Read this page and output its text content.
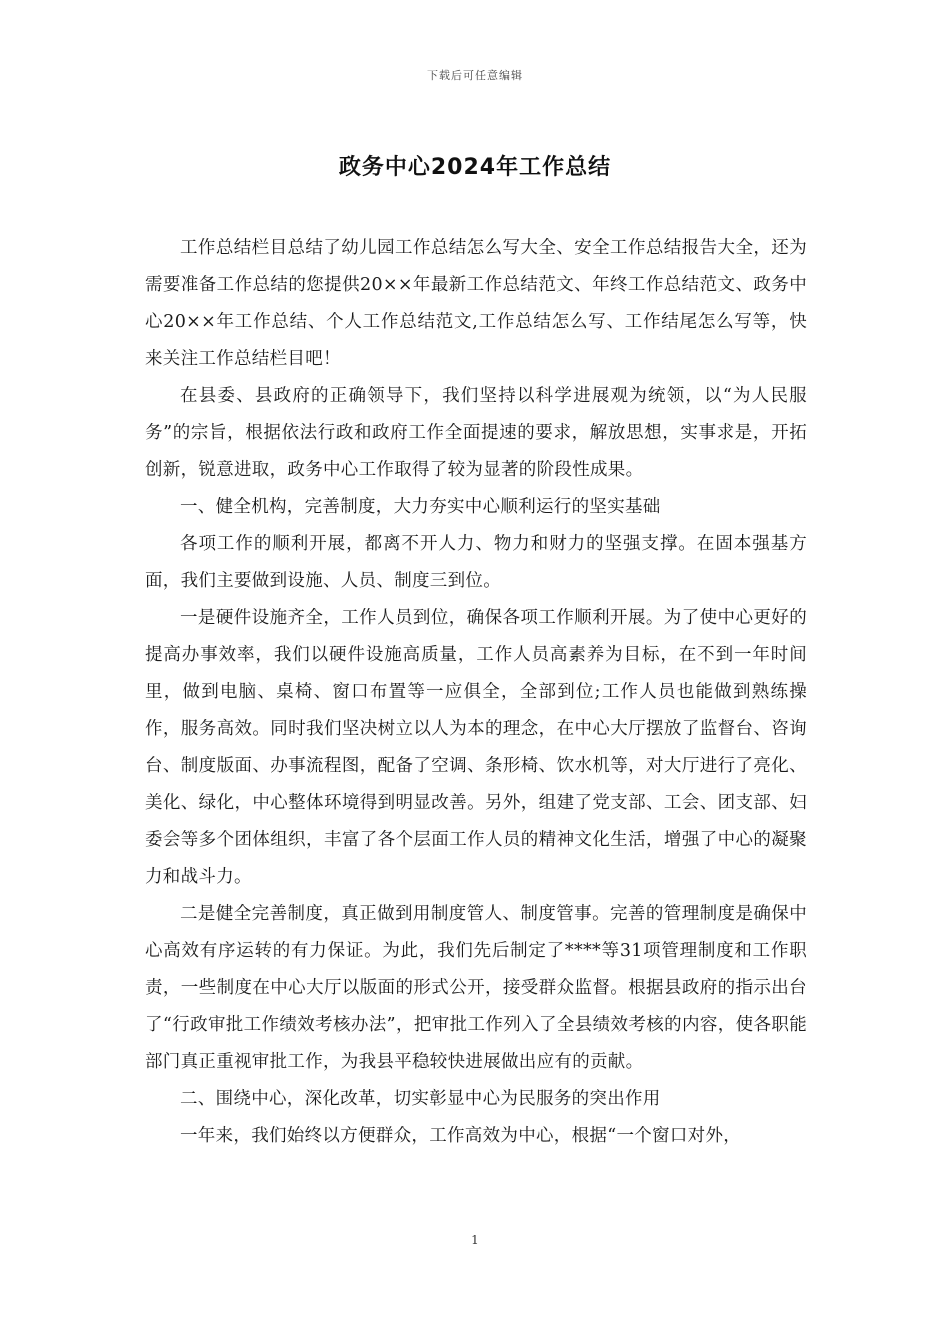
下载后可任意编辑
政务中心2024年工作总结

工作总结栏目总结了幼儿园工作总结怎么写大全、安全工作总结报告大全，还为需要准备工作总结的您提供20××年最新工作总结范文、年终工作总结范文、政务中心20××年工作总结、个人工作总结范文,工作总结怎么写、工作结尾怎么写等，快来关注工作总结栏目吧！

在县委、县政府的正确领导下，我们坚持以科学进展观为统领，以“为人民服务”的宗旨，根据依法行政和政府工作全面提速的要求，解放思想，实事求是，开拓创新，锐意进取，政务中心工作取得了较为显著的阶段性成果。

一、健全机构，完善制度，大力夯实中心顺利运行的坚实基础

各项工作的顺利开展，都离不开人力、物力和财力的坚强支撑。在固本强基方面，我们主要做到设施、人员、制度三到位。

一是硬件设施齐全，工作人员到位，确保各项工作顺利开展。为了使中心更好的提高办事效率，我们以硬件设施高质量，工作人员高素养为目标，在不到一年时间里，做到电脑、桌椅、窗口布置等一应俱全，全部到位;工作人员也能做到熟练操作，服务高效。同时我们坚决树立以人为本的理念，在中心大厅摆放了监督台、咨询台、制度版面、办事流程图，配备了空调、条形椅、饮水机等，对大厅进行了亮化、美化、绿化，中心整体环境得到明显改善。另外，组建了党支部、工会、团支部、妇委会等多个团体组织，丰富了各个层面工作人员的精神文化生活，增强了中心的凝聚力和战斗力。

二是健全完善制度，真正做到用制度管人、制度管事。完善的管理制度是确保中心高效有序运转的有力保证。为此，我们先后制定了****等31项管理制度和工作职责，一些制度在中心大厅以版面的形式公开，接受群众监督。根据县政府的指示出台了“行政审批工作绩效考核办法”，把审批工作列入了全县绩效考核的内容，使各职能部门真正重视审批工作，为我县平稳较快进展做出应有的贡献。

二、围绕中心，深化改革，切实彰显中心为民服务的突出作用

一年来，我们始终以方便群众，工作高效为中心，根据“一个窗口对外，

1
